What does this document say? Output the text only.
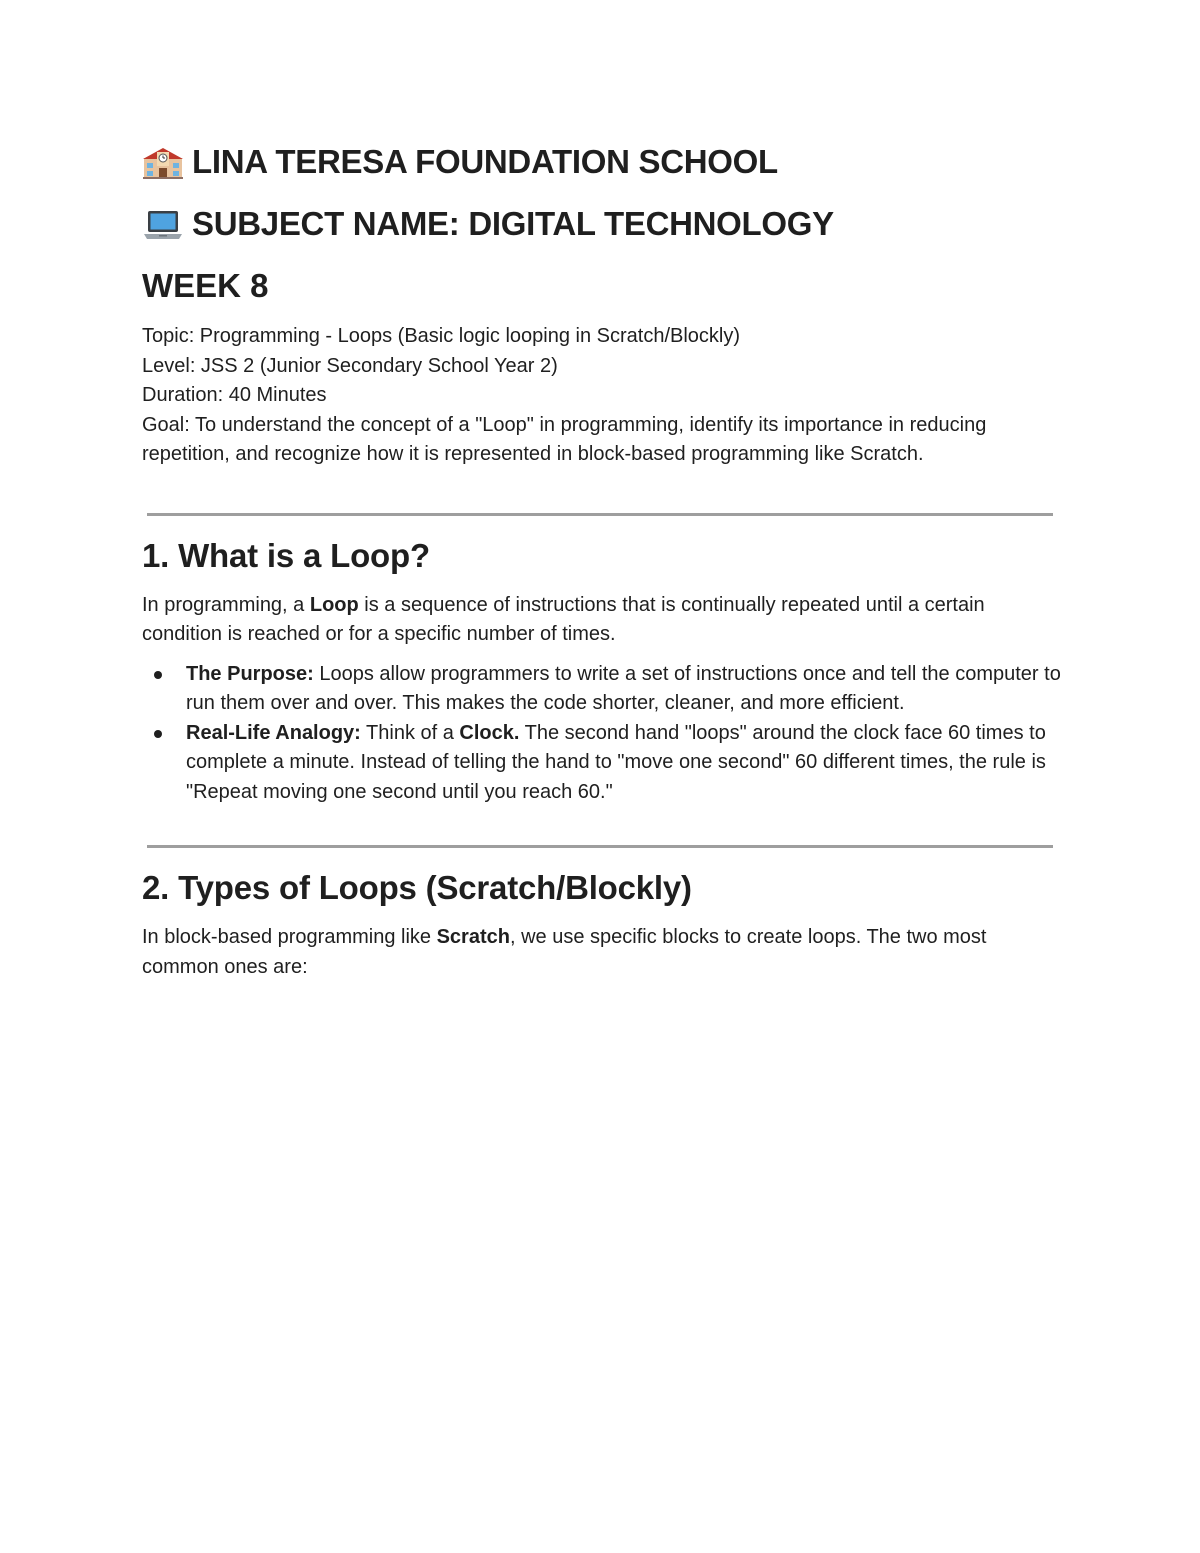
LINA TERESA FOUNDATION SCHOOL
SUBJECT NAME: DIGITAL TECHNOLOGY
WEEK 8

Topic: Programming - Loops (Basic logic looping in Scratch/Blockly)

Level: JSS 2 (Junior Secondary School Year 2)

Duration: 40 Minutes

Goal: To understand the concept of a "Loop" in programming, identify its importance in reducing repetition, and recognize how it is represented in block-based programming like Scratch.

1. What is a Loop?

In programming, a Loop is a sequence of instructions that is continually repeated until a certain condition is reached or for a specific number of times.

The Purpose: Loops allow programmers to write a set of instructions once and tell the computer to run them over and over. This makes the code shorter, cleaner, and more efficient.
Real-Life Analogy: Think of a Clock. The second hand "loops" around the clock face 60 times to complete a minute. Instead of telling the hand to "move one second" 60 different times, the rule is "Repeat moving one second until you reach 60."
2. Types of Loops (Scratch/Blockly)

In block-based programming like Scratch, we use specific blocks to create loops. The two most common ones are:
